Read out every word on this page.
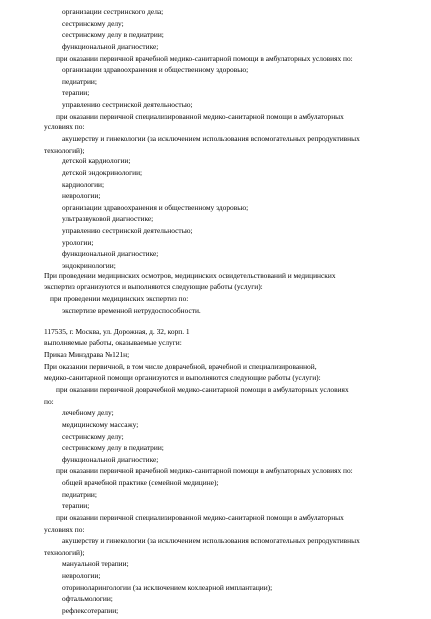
организации сестринского дела;
сестринскому делу;
сестринскому делу в педиатрии;
функциональной диагностике;
при оказании первичной врачебной медико-санитарной помощи в амбулаторных условиях по:
организации здравоохранения и общественному здоровью;
педиатрии;
терапии;
управлению сестринской деятельностью;
при оказании первичной специализированной медико-санитарной помощи в амбулаторных
условиях по:
акушерству и гинекологии (за исключением использования вспомогательных репродуктивных
технологий);
детской кардиологии;
детской эндокринологии;
кардиологии;
неврологии;
организации здравоохранения и общественному здоровью;
ультразвуковой диагностике;
управлению сестринской деятельностью;
урологии;
функциональной диагностике;
эндокринологии;
При проведении медицинских осмотров, медицинских освидетельствований и медицинских
экспертиз организуются и выполняются следующие работы (услуги):
при проведении медицинских экспертиз по:
экспертизе временной нетрудоспособности.
117535, г. Москва, ул. Дорожная, д. 32, корп. 1
выполняемые работы, оказываемые услуги:
Приказ Минздрава №121н;
При оказании первичной, в том числе доврачебной, врачебной и специализированной,
медико-санитарной помощи организуются и выполняются следующие работы (услуги):
при оказании первичной доврачебной медико-санитарной помощи в амбулаторных условиях
по:
лечебному делу;
медицинскому массажу;
сестринскому делу;
сестринскому делу в педиатрии;
функциональной диагностике;
при оказании первичной врачебной медико-санитарной помощи в амбулаторных условиях по:
общей врачебной практике (семейной медицине);
педиатрии;
терапии;
при оказании первичной специализированной медико-санитарной помощи в амбулаторных
условиях по:
акушерству и гинекологии (за исключением использования вспомогательных репродуктивных
технологий);
мануальной терапии;
неврологии;
оториноларингологии (за исключением кохлеарной имплантации);
офтальмологии;
рефлексотерапии;
